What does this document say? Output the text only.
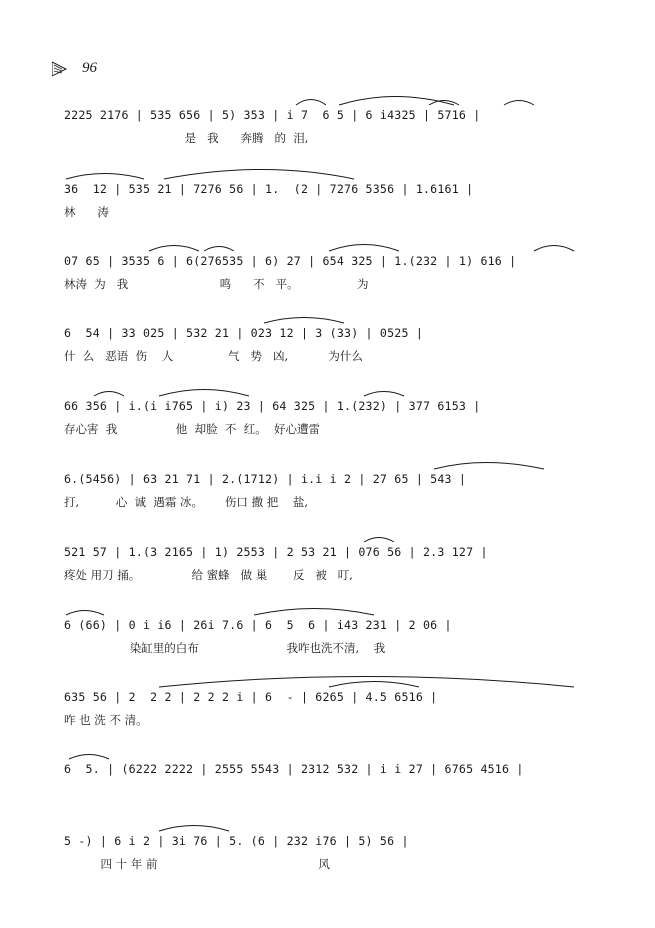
96
2225 2176 | 535 656 | 5) 353 | i 7  6 5 | 6 i4325 | 5716 |
是   我      奔腾   的  泪,
36  12 | 535 21 | 7276 56 | 1.  (2 | 7276 5356 | 1.6161 |
林      涛
07 65 | 3535 6 | 6(276535 | 6) 27 | 654 325 | 1.(232 | 1) 616 |
林涛  为   我                         鸣      不   平。                为
6  54 | 33 025 | 532 21 | 023 12 | 3 (33) | 0525 |
什  么   恶语  伤    人               气   势   凶,           为什么
66 356 | i.(i i765 | i) 23 | 64 325 | 1.(232) | 377 6153 |
存心害  我                他  却脸  不  红。  好心遭雷
6.(5456) | 63 21 71 | 2.(1712) | i.i i 2 | 27 65 | 543 |
打,          心  诚  遇霜 冰。      伤口 撒 把    盐,
521 57 | 1.(3 2165 | 1) 2553 | 2 53 21 | 076 56 | 2.3 127 |
疼处 用刀 捅。              给 蜜蜂   做 巢       反   被   叮,
6 (66) | 0 i i6 | 26i 7.6 | 6  5  6 | i43 231 | 2 06 |
染缸里的白布                        我咋也洗不清,    我
635 56 | 2  2 2 | 2 2 2 i | 6  - | 6265 | 4.5 6516 |
咋 也 洗 不 清。
6  5. | (6222 2222 | 2555 5543 | 2312 532 | i i 27 | 6765 4516 |
5 -) | 6 i 2 | 3i 76 | 5. (6 | 232 i76 | 5) 56 |
四 十 年 前                                            风
